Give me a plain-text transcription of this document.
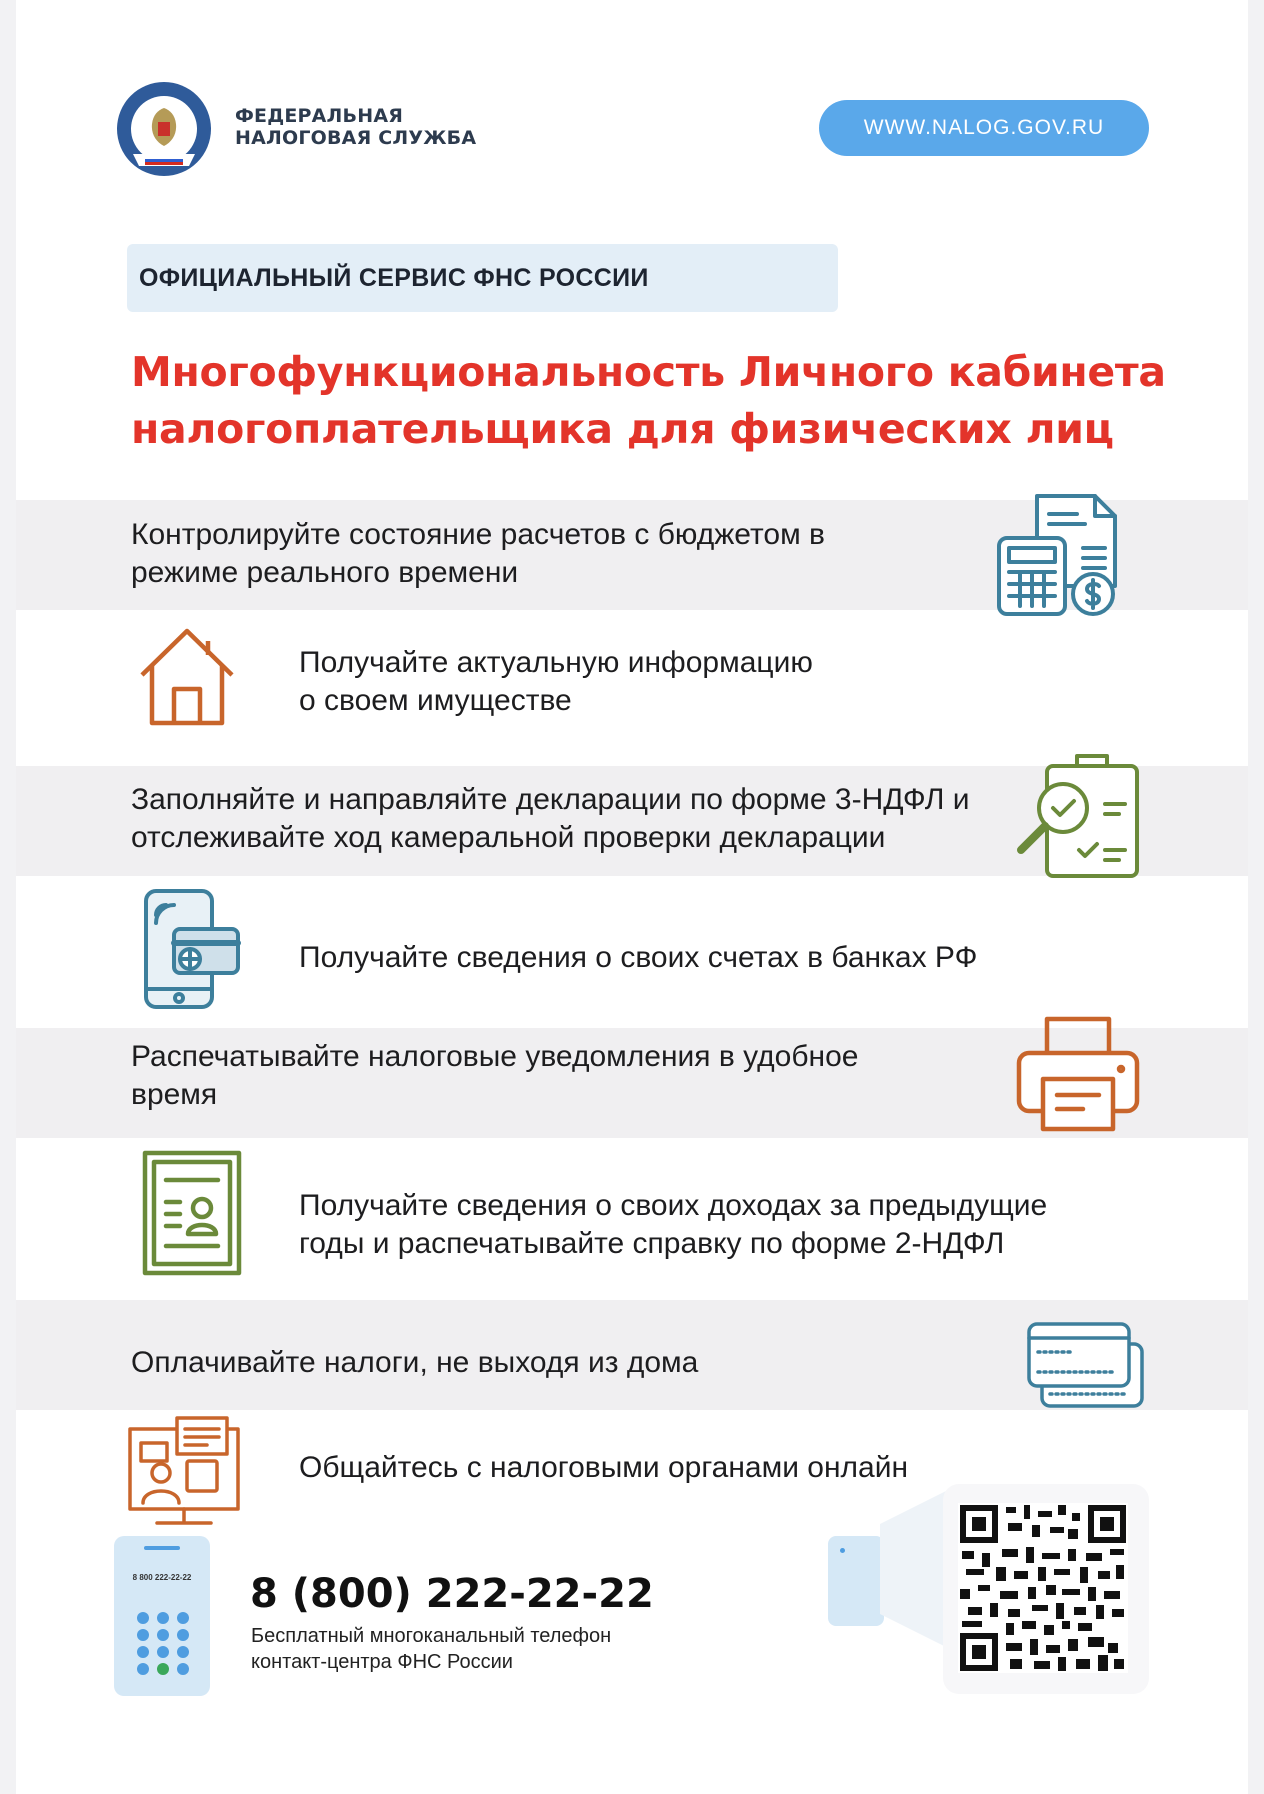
ФЕДЕРАЛЬНАЯ
НАЛОГОВАЯ СЛУЖБА	WWW.NALOG.GOV.RU
ОФИЦИАЛЬНЫЙ СЕРВИС ФНС РОССИИ
Многофункциональность Личного кабинета
налогоплательщика для физических лиц
Контролируйте состояние расчетов с бюджетом в
режиме реального времени
Получайте актуальную информацию
о своем имуществе
Заполняйте и направляйте декларации по форме 3-НДФЛ и
отслеживайте ход камеральной проверки декларации
Получайте сведения о своих счетах в банках РФ
Распечатывайте налоговые уведомления в удобное
время
Получайте сведения о своих доходах за предыдущие
годы и распечатывайте справку по форме 2-НДФЛ
Оплачивайте налоги, не выходя из дома
Общайтесь с налоговыми органами онлайн
8 800 222-22-22	8 (800) 222-22-22
Бесплатный многоканальный телефон
контакт-центра ФНС России
